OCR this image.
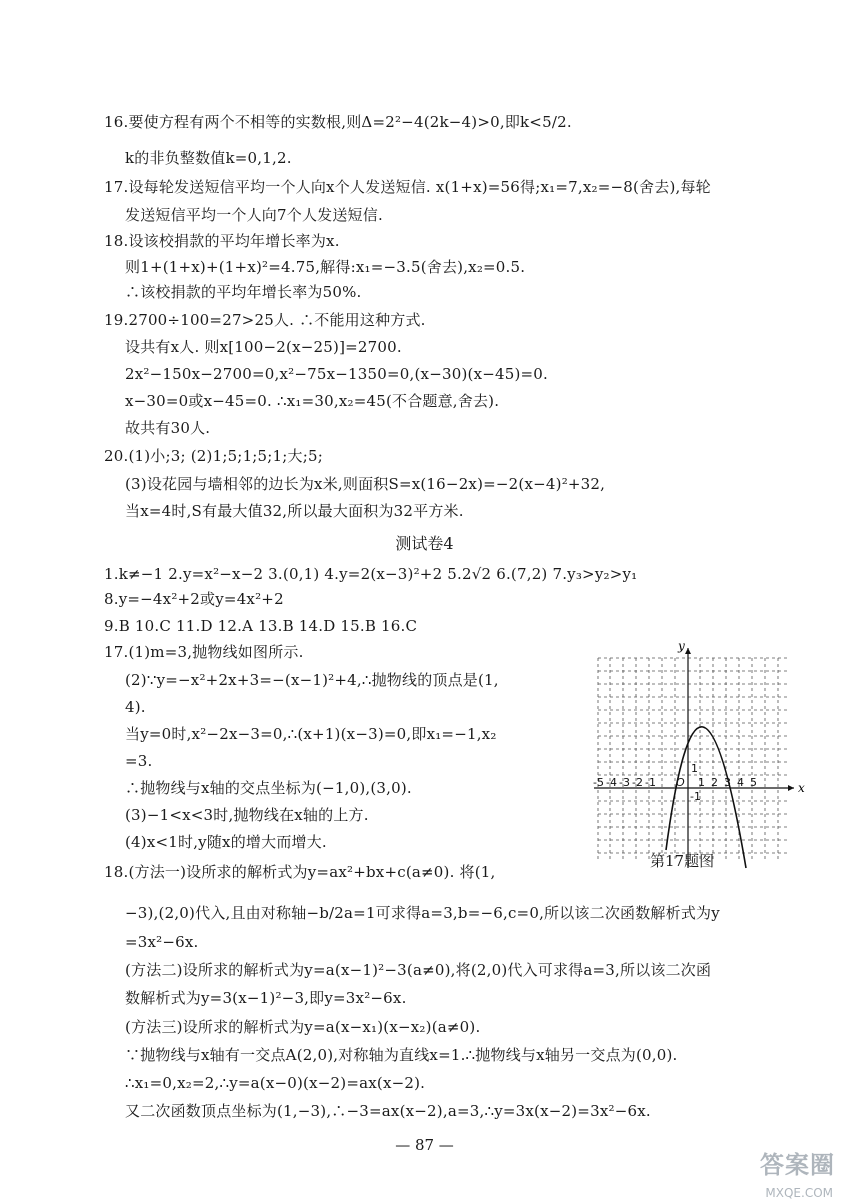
16.要使方程有两个不相等的实数根,则Δ=2²−4(2k−4)>0,即k<5/2.
k的非负整数值k=0,1,2.
17.设每轮发送短信平均一个人向x个人发送短信. x(1+x)=56得;x₁=7,x₂=−8(舍去),每轮
发送短信平均一个人向7个人发送短信.
18.设该校捐款的平均年增长率为x.
则1+(1+x)+(1+x)²=4.75,解得:x₁=−3.5(舍去),x₂=0.5.
∴该校捐款的平均年增长率为50%.
19.2700÷100=27>25人. ∴不能用这种方式.
设共有x人. 则x[100−2(x−25)]=2700.
2x²−150x−2700=0,x²−75x−1350=0,(x−30)(x−45)=0.
x−30=0或x−45=0. ∴x₁=30,x₂=45(不合题意,舍去).
故共有30人.
20.(1)小;3; (2)1;5;1;5;1;大;5;
(3)设花园与墙相邻的边长为x米,则面积S=x(16−2x)=−2(x−4)²+32,
当x=4时,S有最大值32,所以最大面积为32平方米.
测试卷4
1.k≠−1 2.y=x²−x−2 3.(0,1) 4.y=2(x−3)²+2 5.2√2 6.(7,2) 7.y₃>y₂>y₁
8.y=−4x²+2或y=4x²+2
9.B 10.C 11.D 12.A 13.B 14.D 15.B 16.C
17.(1)m=3,抛物线如图所示.
(2)∵y=−x²+2x+3=−(x−1)²+4,∴抛物线的顶点是(1,
4).
当y=0时,x²−2x−3=0,∴(x+1)(x−3)=0,即x₁=−1,x₂
=3.
∴抛物线与x轴的交点坐标为(−1,0),(3,0).
(3)−1<x<3时,抛物线在x轴的上方.
(4)x<1时,y随x的增大而增大.
x
y
-5 -4 -3 -2 -1 O 1 2 3 4 5
1
-1
第17题图
18.(方法一)设所求的解析式为y=ax²+bx+c(a≠0). 将(1,
−3),(2,0)代入,且由对称轴−b/2a=1可求得a=3,b=−6,c=0,所以该二次函数解析式为y
=3x²−6x.
(方法二)设所求的解析式为y=a(x−1)²−3(a≠0),将(2,0)代入可求得a=3,所以该二次函
数解析式为y=3(x−1)²−3,即y=3x²−6x.
(方法三)设所求的解析式为y=a(x−x₁)(x−x₂)(a≠0).
∵抛物线与x轴有一交点A(2,0),对称轴为直线x=1.∴抛物线与x轴另一交点为(0,0).
∴x₁=0,x₂=2,∴y=a(x−0)(x−2)=ax(x−2).
又二次函数顶点坐标为(1,−3),∴−3=ax(x−2),a=3,∴y=3x(x−2)=3x²−6x.
— 87 —
答案圈
MXQE.COM
